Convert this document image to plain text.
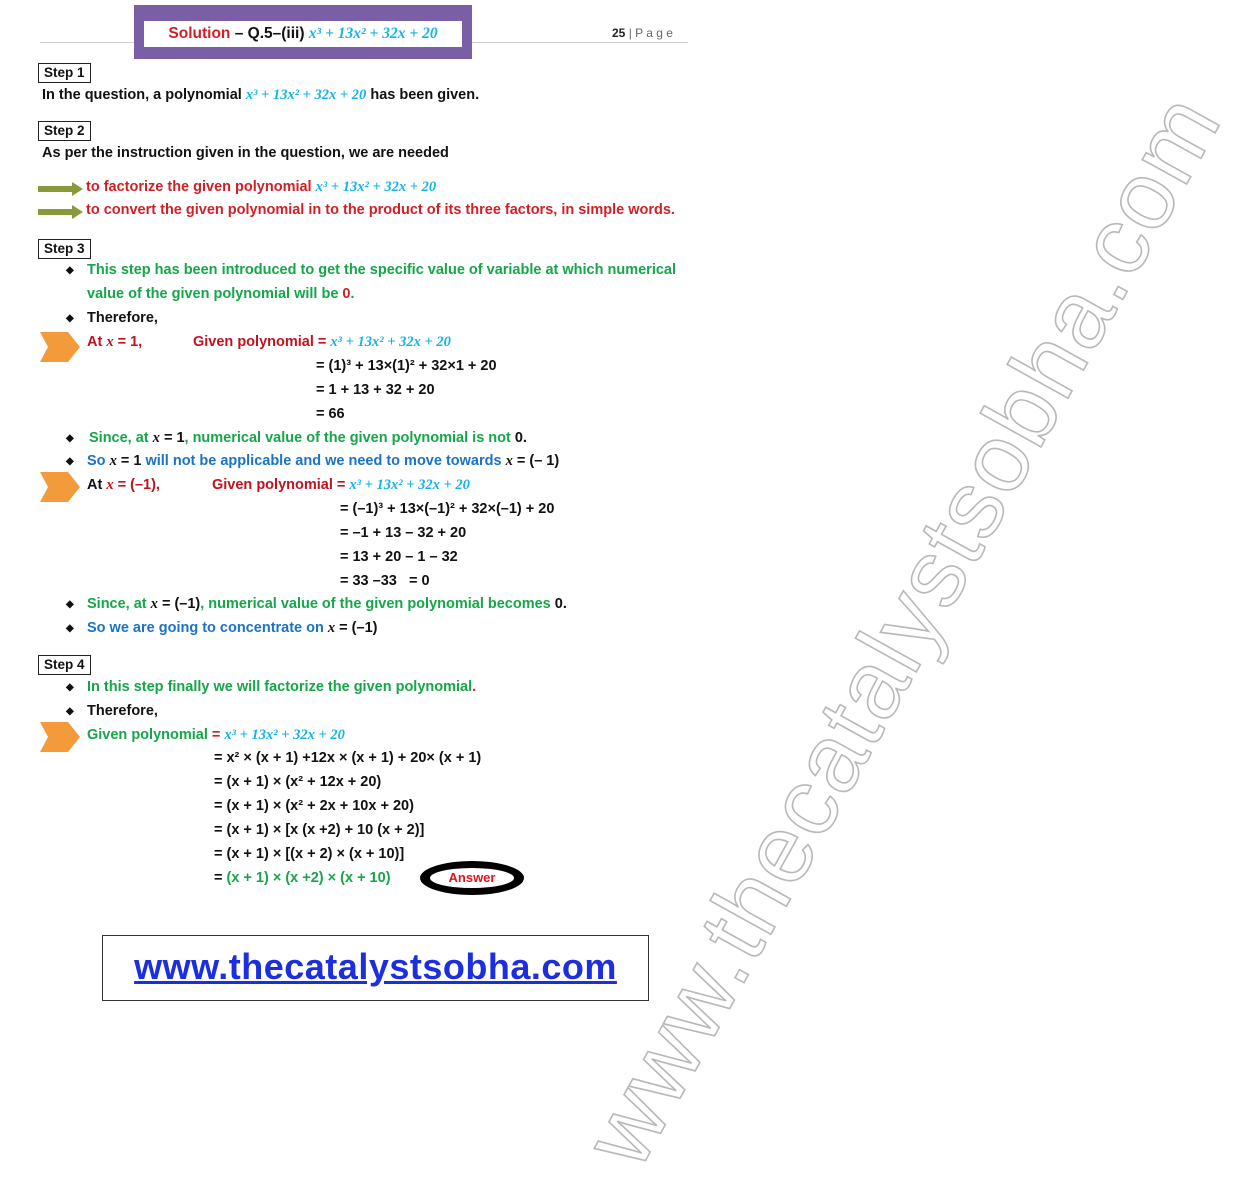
www.thecatalystsobha.com
Solution – Q.5–(iii) x³ + 13x² + 32x + 20	25 | P a g e
Step 1
In the question, a polynomial x³ + 13x² + 32x + 20 has been given.
Step 2
As per the instruction given in the question, we are needed
to factorize the given polynomial x³ + 13x² + 32x + 20
to convert the given polynomial in to the product of its three factors, in simple words.
Step 3
◆ This step has been introduced to get the specific value of variable at which numerical
value of the given polynomial will be 0.
◆ Therefore,
At x = 1,	Given polynomial = x³ + 13x² + 32x + 20
= (1)³ + 13×(1)² + 32×1 + 20
= 1 + 13 + 32 + 20
= 66
◆ Since, at x = 1, numerical value of the given polynomial is not 0.
◆ So x = 1 will not be applicable and we need to move towards x = (– 1)
At x = (–1),	Given polynomial = x³ + 13x² + 32x + 20
= (–1)³ + 13×(–1)² + 32×(–1) + 20
= –1 + 13 – 32 + 20
= 13 + 20 – 1 – 32
= 33 –33 = 0
◆ Since, at x = (–1), numerical value of the given polynomial becomes 0.
◆ So we are going to concentrate on x = (–1)
Step 4
◆ In this step finally we will factorize the given polynomial.
◆ Therefore,
Given polynomial = x³ + 13x² + 32x + 20
= x² × (x + 1) +12x × (x + 1) + 20× (x + 1)
= (x + 1) × (x² + 12x + 20)
= (x + 1) × (x² + 2x + 10x + 20)
= (x + 1) × [x (x +2) + 10 (x + 2)]
= (x + 1) × [(x + 2) × (x + 10)]
= (x + 1) × (x +2) × (x + 10)	Answer
www.thecatalystsobha.com
